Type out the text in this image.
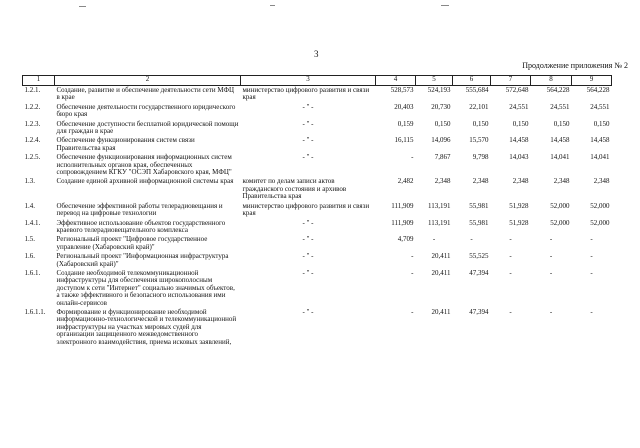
3
Продолжение приложения № 2
1	2	3	4	5	6	7	8	9
1.2.1.	Создание, развитие и обеспечение деятельности сети МФЦ в крае	министерство цифрового развития и связи края	528,573	524,193	555,684	572,648	564,228	564,228
1.2.2.	Обеспечение деятельности государственного юридического бюро края	- " -	20,403	20,730	22,101	24,551	24,551	24,551
1.2.3.	Обеспечение доступности бесплатной юридической помощи для граждан в крае	- " -	0,159	0,150	0,150	0,150	0,150	0,150
1.2.4.	Обеспечение функционирования систем связи Правительства края	- " -	16,115	14,096	15,570	14,458	14,458	14,458
1.2.5.	Обеспечение функционирования информационных систем исполнительных органов края, обеспеченных сопровождением КГКУ "ОСЭП Хабаровского края, МФЦ"	- " -	-	7,867	9,798	14,043	14,041	14,041
1.3.	Создание единой архивной информационной системы края	комитет по делам записи актов гражданского состояния и архивов Правительства края	2,482	2,348	2,348	2,348	2,348	2,348
1.4.	Обеспечение эффективной работы телерадиовещания и перевод на цифровые технологии	министерство цифрового развития и связи края	111,909	113,191	55,981	51,928	52,000	52,000
1.4.1.	Эффективное использование объектов государственного краевого телерадиовещательного комплекса	- " -	111,909	113,191	55,981	51,928	52,000	52,000
1.5.	Региональный проект "Цифровое государственное управление (Хабаровский край)"	- " -	4,709	-	-	-	-	-
1.6.	Региональный проект "Информационная инфраструктура (Хабаровский край)"	- " -	-	20,411	55,525	-	-	-
1.6.1.	Создание необходимой телекоммуникационной инфраструктуры для обеспечения широкополосным доступом к сети "Интернет" социально значимых объектов, а также эффективного и безопасного использования ими онлайн-сервисов	- " -	-	20,411	47,394	-	-	-
1.6.1.1.	Формирование и функционирование необходимой информационно-технологической и телекоммуникационной инфраструктуры на участках мировых судей для организации защищенного межведомственного электронного взаимодействия, приема исковых заявлений,	- " -	-	20,411	47,394	-	-	-
